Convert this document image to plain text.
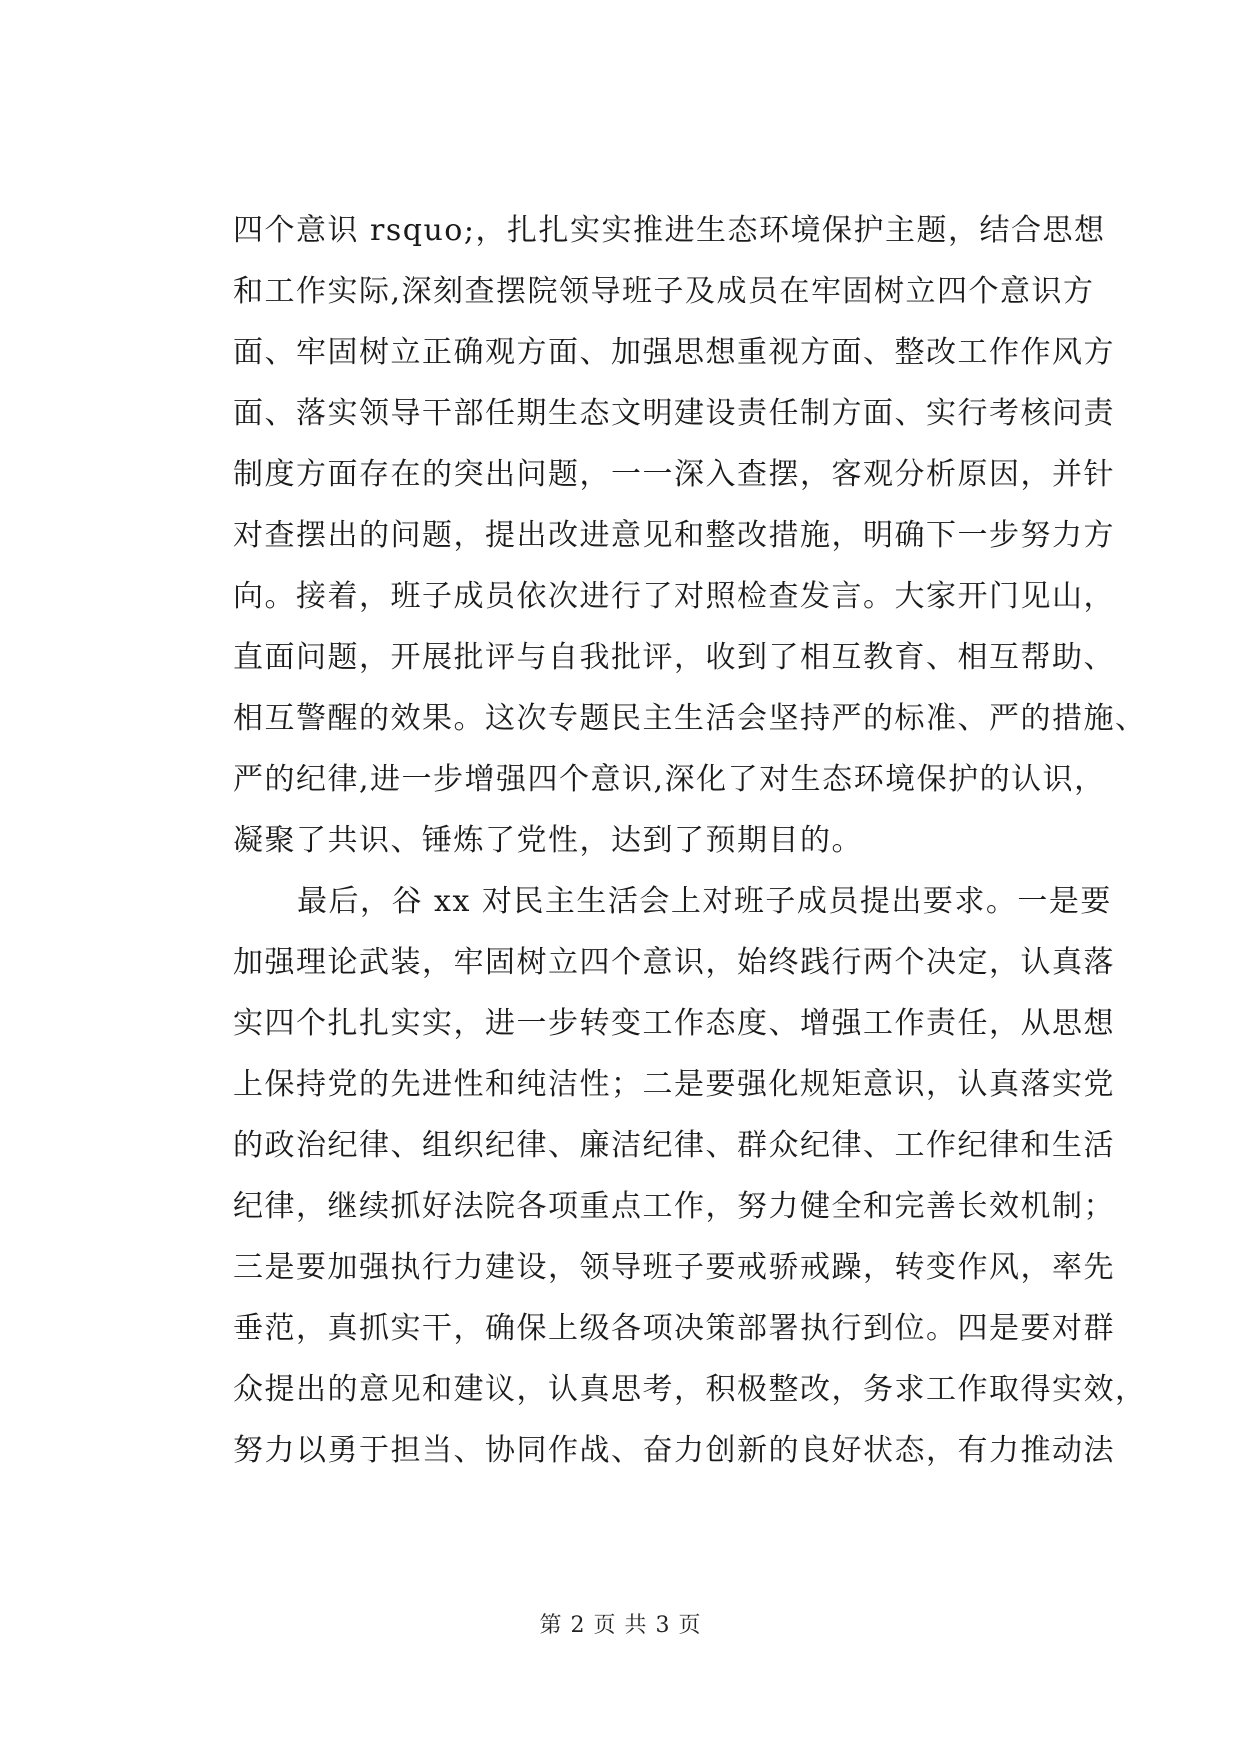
四个意识 rsquo;，扎扎实实推进生态环境保护主题，结合思想
和工作实际,深刻查摆院领导班子及成员在牢固树立四个意识方
面、牢固树立正确观方面、加强思想重视方面、整改工作作风方
面、落实领导干部任期生态文明建设责任制方面、实行考核问责
制度方面存在的突出问题，一一深入查摆，客观分析原因，并针
对查摆出的问题，提出改进意见和整改措施，明确下一步努力方
向。接着，班子成员依次进行了对照检查发言。大家开门见山，
直面问题，开展批评与自我批评，收到了相互教育、相互帮助、
相互警醒的效果。这次专题民主生活会坚持严的标准、严的措施、
严的纪律,进一步增强四个意识,深化了对生态环境保护的认识，
凝聚了共识、锤炼了党性，达到了预期目的。
最后，谷 xx 对民主生活会上对班子成员提出要求。一是要
加强理论武装，牢固树立四个意识，始终践行两个决定，认真落
实四个扎扎实实，进一步转变工作态度、增强工作责任，从思想
上保持党的先进性和纯洁性；二是要强化规矩意识，认真落实党
的政治纪律、组织纪律、廉洁纪律、群众纪律、工作纪律和生活
纪律，继续抓好法院各项重点工作，努力健全和完善长效机制；
三是要加强执行力建设，领导班子要戒骄戒躁，转变作风，率先
垂范，真抓实干，确保上级各项决策部署执行到位。四是要对群
众提出的意见和建议，认真思考，积极整改，务求工作取得实效，
努力以勇于担当、协同作战、奋力创新的良好状态，有力推动法
第 2 页 共 3 页
